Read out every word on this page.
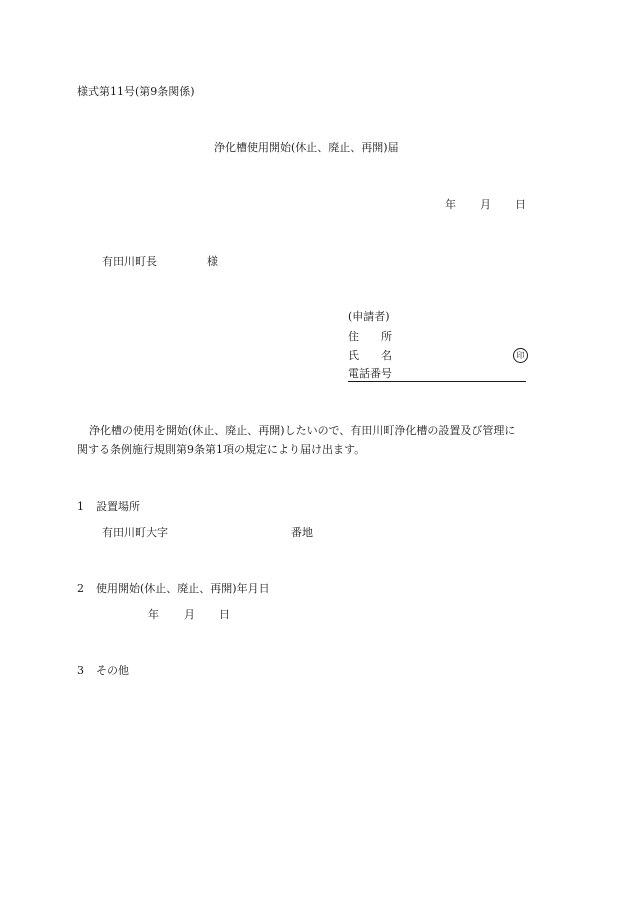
様式第11号(第9条関係)
浄化槽使用開始(休止、廃止、再開)届
年 月 日
有田川町長	様
(申請者)
住　　所
氏　　名	印
電話番号
浄化槽の使用を開始(休止、廃止、再開)したいので、有田川町浄化槽の設置及び管理に
関する条例施行規則第9条第1項の規定により届け出ます。
1 設置場所
有田川町大字	番地
2 使用開始(休止、廃止、再開)年月日
年 月 日
3 その他
